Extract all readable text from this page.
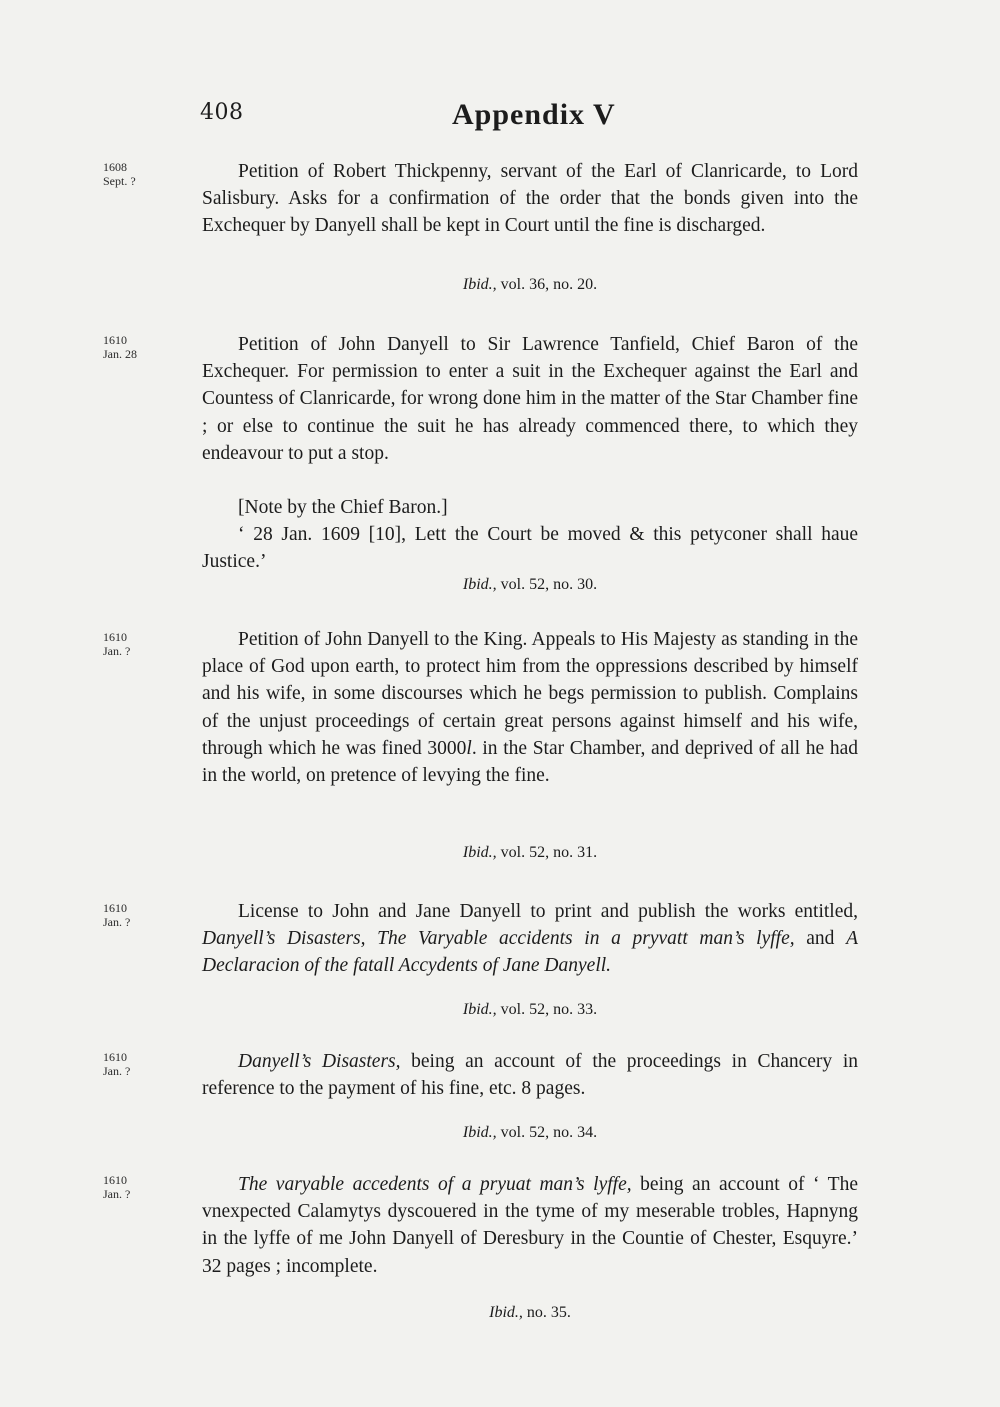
408	Appendix V
1608
Sept. ?	Petition of Robert Thickpenny, servant of the Earl of Clanricarde, to Lord Salisbury. Asks for a confirmation of the order that the bonds given into the Exchequer by Danyell shall be kept in Court until the fine is discharged.

Ibid., vol. 36, no. 20.
1610
Jan. 28	Petition of John Danyell to Sir Lawrence Tanfield, Chief Baron of the Exchequer. For permission to enter a suit in the Exchequer against the Earl and Countess of Clanricarde, for wrong done him in the matter of the Star Chamber fine ; or else to continue the suit he has already commenced there, to which they endeavour to put a stop.

[Note by the Chief Baron.]
‘ 28 Jan. 1609 [10], Lett the Court be moved & this petyconer shall haue Justice.’
Ibid., vol. 52, no. 30.
1610
Jan. ?

Petition of John Danyell to the King. Appeals to His Majesty as standing in the place of God upon earth, to protect him from the oppressions described by himself and his wife, in some discourses which he begs permission to publish. Complains of the unjust proceedings of certain great persons against himself and his wife, through which he was fined 3000l. in the Star Chamber, and deprived of all he had in the world, on pretence of levying the fine.

Ibid., vol. 52, no. 31.
1610
Jan. ?	License to John and Jane Danyell to print and publish the works entitled, Danyell’s Disasters, The Varyable accidents in a pryvatt man’s lyffe, and A Declaracion of the fatall Accydents of Jane Danyell.

Ibid., vol. 52, no. 33.
1610
Jan. ?	Danyell’s Disasters, being an account of the proceedings in Chancery in reference to the payment of his fine, etc. 8 pages.

Ibid., vol. 52, no. 34.
1610
Jan. ?	The varyable accedents of a pryuat man’s lyffe, being an account of ‘ The vnexpected Calamytys dyscouered in the tyme of my meserable trobles, Hapnyng in the lyffe of me John Danyell of Deresbury in the Countie of Chester, Esquyre.’ 32 pages ; incomplete.

Ibid., no. 35.
